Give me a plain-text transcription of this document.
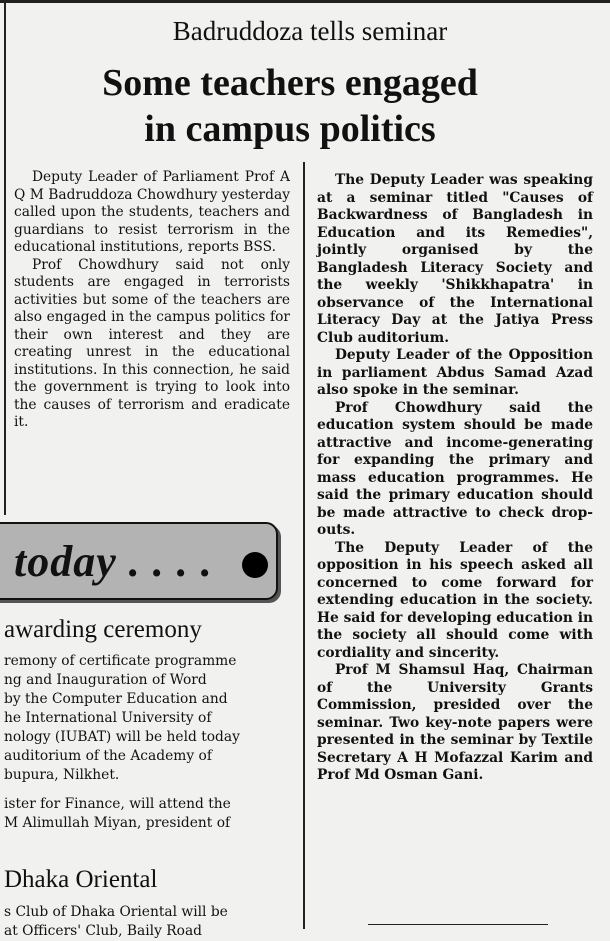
Badruddoza tells seminar
Some teachers engaged
in campus politics

Deputy Leader of Parliament Prof A Q M Badruddoza Chowdhury yesterday called upon the students, teachers and guardians to resist terrorism in the educational institutions, reports BSS.

Prof Chowdhury said not only students are engaged in terrorists activities but some of the teachers are also engaged in the campus politics for their own interest and they are creating unrest in the educational institutions. In this connection, he said the government is trying to look into the causes of terrorism and eradicate it.

The Deputy Leader was speaking at a seminar titled "Causes of Backwardness of Bangladesh in Education and its Remedies", jointly organised by the Bangladesh Literacy Society and the weekly 'Shikkhapatra' in observance of the International Literacy Day at the Jatiya Press Club auditorium.

Deputy Leader of the Opposition in parliament Abdus Samad Azad also spoke in the seminar.

Prof Chowdhury said the education system should be made attractive and income-generating for expanding the primary and mass education programmes. He said the primary education should be made attractive to check drop-outs.

The Deputy Leader of the opposition in his speech asked all concerned to come forward for extending education in the society. He said for developing education in the society all should come with cordiality and sincerity.

Prof M Shamsul Haq, Chairman of the University Grants Commission, presided over the seminar. Two key-note papers were presented in the seminar by Textile Secretary A H Mofazzal Karim and Prof Md Osman Gani.

today . . . .
awarding ceremony
remony of certificate programme
ng and Inauguration of Word
by the Computer Education and
he International University of
nology (IUBAT) will be held today
auditorium of the Academy of
bupura, Nilkhet.
ister for Finance, will attend the
M Alimullah Miyan, president of
Dhaka Oriental
s Club of Dhaka Oriental will be
at Officers' Club, Baily Road
